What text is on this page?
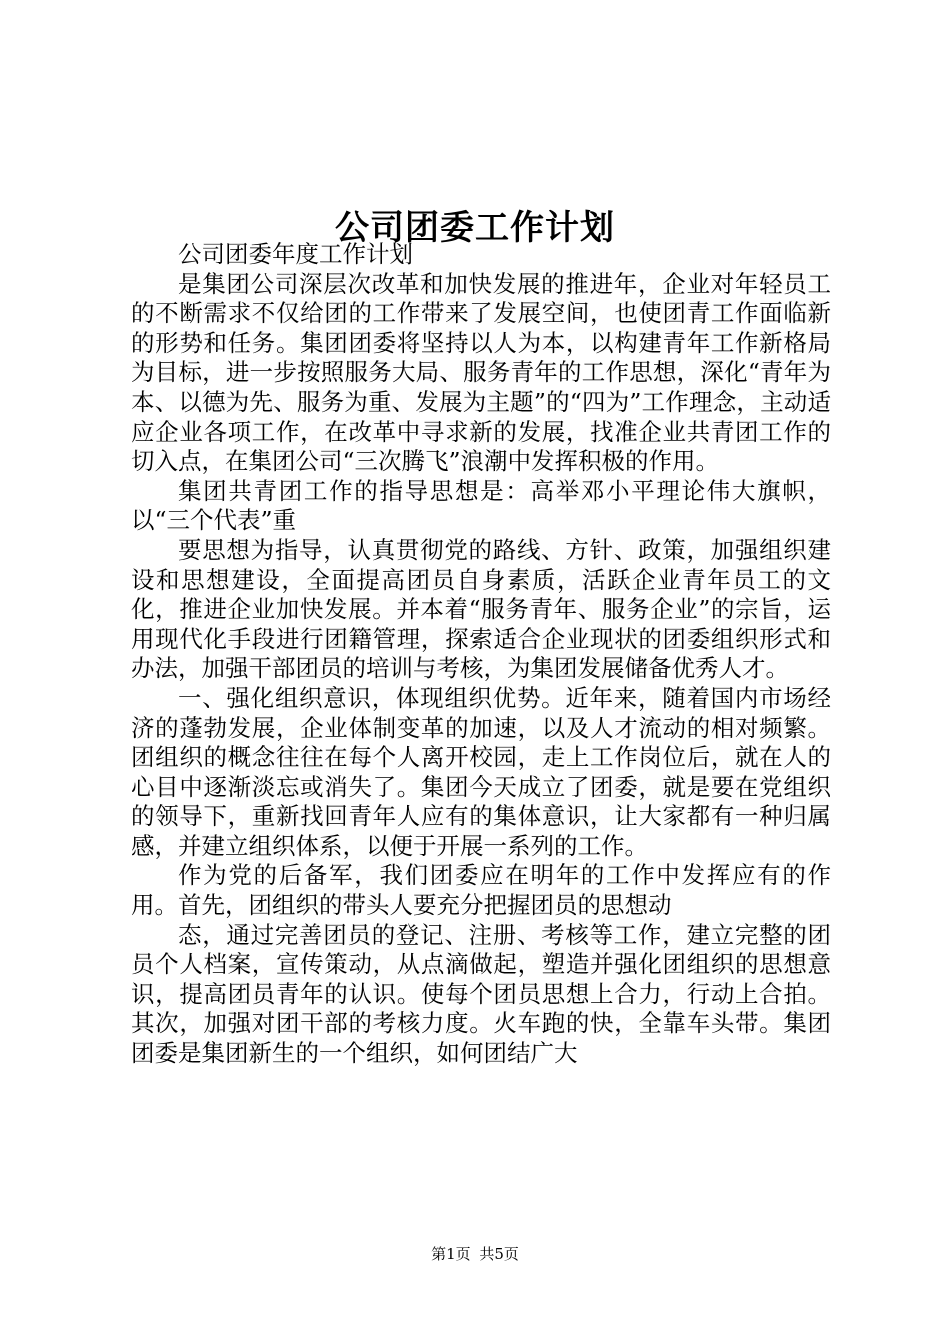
公司团委工作计划

公司团委年度工作计划

是集团公司深层次改革和加快发展的推进年，企业对年轻员工的不断需求不仅给团的工作带来了发展空间，也使团青工作面临新的形势和任务。集团团委将坚持以人为本，以构建青年工作新格局为目标，进一步按照服务大局、服务青年的工作思想，深化“青年为本、以德为先、服务为重、发展为主题”的“四为”工作理念，主动适应企业各项工作，在改革中寻求新的发展，找准企业共青团工作的切入点，在集团公司“三次腾飞”浪潮中发挥积极的作用。

集团共青团工作的指导思想是：高举邓小平理论伟大旗帜，以“三个代表”重

要思想为指导，认真贯彻党的路线、方针、政策，加强组织建设和思想建设，全面提高团员自身素质，活跃企业青年员工的文化，推进企业加快发展。并本着“服务青年、服务企业”的宗旨，运用现代化手段进行团籍管理，探索适合企业现状的团委组织形式和办法，加强干部团员的培训与考核，为集团发展储备优秀人才。

一、强化组织意识，体现组织优势。近年来，随着国内市场经济的蓬勃发展，企业体制变革的加速，以及人才流动的相对频繁。团组织的概念往往在每个人离开校园，走上工作岗位后，就在人的心目中逐渐淡忘或消失了。集团今天成立了团委，就是要在党组织的领导下，重新找回青年人应有的集体意识，让大家都有一种归属感，并建立组织体系，以便于开展一系列的工作。

作为党的后备军，我们团委应在明年的工作中发挥应有的作用。首先，团组织的带头人要充分把握团员的思想动

态，通过完善团员的登记、注册、考核等工作，建立完整的团员个人档案，宣传策动，从点滴做起，塑造并强化团组织的思想意识，提高团员青年的认识。使每个团员思想上合力，行动上合拍。其次，加强对团干部的考核力度。火车跑的快，全靠车头带。集团团委是集团新生的一个组织，如何团结广大

第1页 共5页
